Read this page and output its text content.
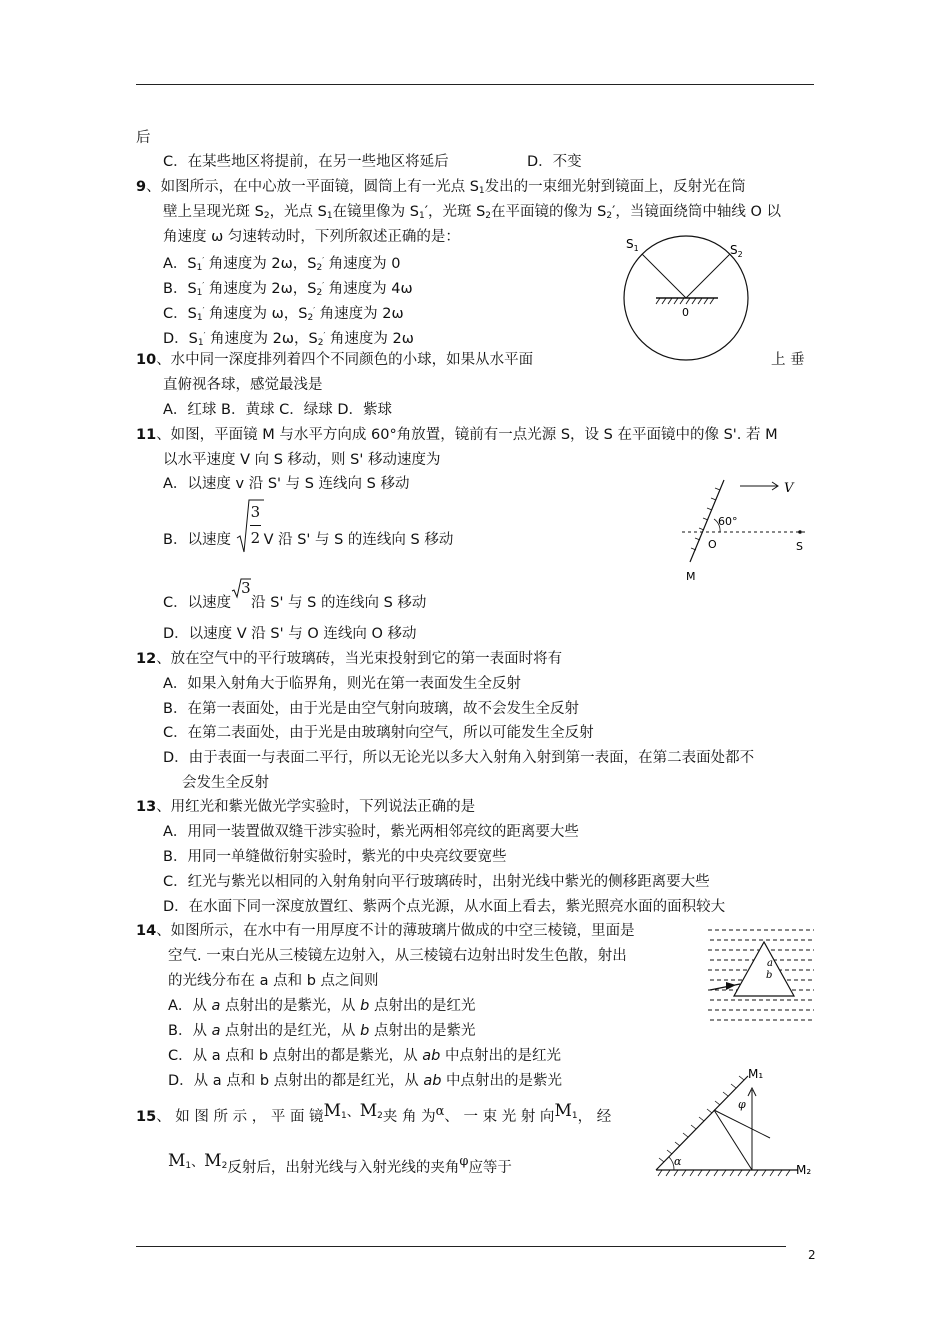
后
C．在某些地区将提前，在另一些地区将延后	D．不变
9、如图所示，在中心放一平面镜，圆筒上有一光点 $S_1$发出的一束细光射到镜面上，反射光在筒
壁上呈现光斑 $S_2$，光点 $S_1$在镜里像为 $S_1'$，光斑 $S_2$在平面镜的像为 $S_2'$，当镜面绕筒中轴线 O 以
角速度 ω 匀速转动时，下列所叙述正确的是：
A．$S_1'$ 角速度为 2ω，$S_2'$ 角速度为 0
B．$S_1'$ 角速度为 2ω，$S_2'$ 角速度为 4ω
C．$S_1'$ 角速度为 ω，$S_2'$ 角速度为 2ω
D．$S_1'$ 角速度为 2ω，$S_2'$ 角速度为 2ω
$S_1$	$S_2$
0
10、水中同一深度排列着四个不同颜色的小球，如果从水平面	上 垂
直俯视各球，感觉最浅是
A．红球 B．黄球 C．绿球 D．紫球
11、如图，平面镜 M 与水平方向成 60°角放置，镜前有一点光源 S，设 S 在平面镜中的像 S'. 若 M
以水平速度 V 向 S 移动，则 S' 移动速度为
A．以速度 v 沿 S' 与 S 连线向 S 移动
B．以速度
3
2 V 沿 S' 与 S 的连线向 S 移动
C．以速度
3
沿 S' 与 S 的连线向 S 移动
D．以速度 V 沿 S' 与 O 连线向 O 移动
V
60°
O	S
M
12、放在空气中的平行玻璃砖，当光束投射到它的第一表面时将有
A．如果入射角大于临界角，则光在第一表面发生全反射
B．在第一表面处，由于光是由空气射向玻璃，故不会发生全反射
C．在第二表面处，由于光是由玻璃射向空气，所以可能发生全反射
D．由于表面一与表面二平行，所以无论光以多大入射角入射到第一表面，在第二表面处都不
会发生全反射
13、用红光和紫光做光学实验时，下列说法正确的是
A．用同一装置做双缝干涉实验时，紫光两相邻亮纹的距离要大些
B．用同一单缝做衍射实验时，紫光的中央亮纹要宽些
C．红光与紫光以相同的入射角射向平行玻璃砖时，出射光线中紫光的侧移距离要大些
D．在水面下同一深度放置红、紫两个点光源，从水面上看去，紫光照亮水面的面积较大
14、如图所示，在水中有一用厚度不计的薄玻璃片做成的中空三棱镜，里面是
空气. 一束白光从三棱镜左边射入，从三棱镜右边射出时发生色散，射出
的光线分布在 a 点和 b 点之间则
A．从 a 点射出的是紫光，从 b 点射出的是红光
B．从 a 点射出的是红光，从 b 点射出的是紫光
C．从 a 点和 b 点射出的都是紫光，从 ab 中点射出的是红光
D．从 a 点和 b 点射出的都是红光，从 ab 中点射出的是紫光
a
b
15、 如 图 所 示 ， 平 面 镜$M^1$、$M^2$夹 角 为α、 一 束 光 射 向$M^1$， 经
$M^1$、$M^2$反射后，出射光线与入射光线的夹角φ应等于	α
φ
M₁
M₂
2
